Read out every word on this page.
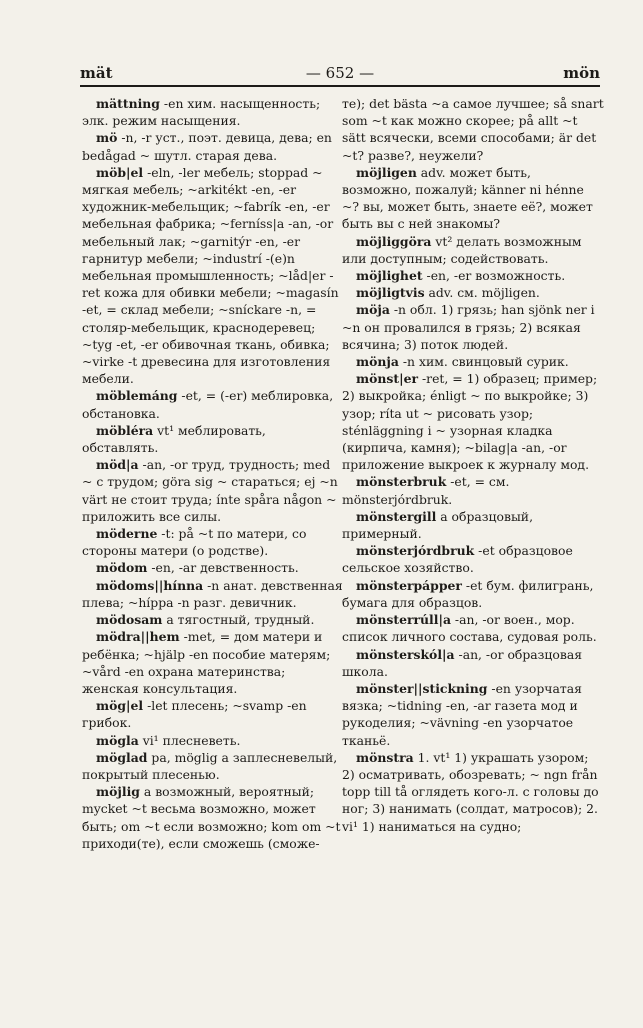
mät	— 652 —	mön
mättning -en хим. насыщенность; элк. режим насыщения.
mö -n, -r уст., поэт. девица, дева; en bedågad ~ шутл. старая дева.
möb|el -eln, -ler мебель; stoppad ~ мягкая мебель; ~arkitékt -en, -er художник-мебельщик; ~fabrík -en, -er мебельная фабрика; ~ferníss|a -an, -or мебельный лак; ~garnitýr -en, -er гарнитур мебели; ~industrí -(e)n мебельная промышленность; ~låd|er -ret кожа для обивки мебели; ~magasín -et, = склад мебели; ~sníckare -n, = столяр-мебельщик, краснодеревец; ~tyg -et, -er обивочная ткань, обивка; ~virke -t древесина для изготовления мебели.
möblemáng -et, = (-er) меблировка, обстановка.
möbléra vt¹ меблировать, обставлять.
möd|a -an, -or труд, трудность; med ~ с трудом; göra sig ~ стараться; ej ~n värt не стоит труда; ínte spåra någon ~ приложить все силы.
möderne -t: på ~t по матери, со стороны матери (о родстве).
mödom -en, -ar девственность.
mödoms||hínna -n анат. девственная плева; ~híppa -n разг. девичник.
mödosam a тягостный, трудный.
mödra||hem -met, = дом матери и ребёнка; ~hjälp -en пособие матерям; ~vård -en охрана материнства; женская консультация.
mög|el -let плесень; ~svamp -en грибок.
mögla vi¹ плесневеть.
möglad pa, möglig a заплесневелый, покрытый плесенью.
möjlig a возможный, вероятный; mycket ~t весьма возможно, может быть; om ~t если возможно; kom om ~t приходи(те), если сможешь (сможе-
те); det bästa ~a самое лучшее; så snart som ~t как можно скорее; på allt ~t sätt всячески, всеми способами; är det ~t? разве?, неужели?
möjligen adv. может быть, возможно, пожалуй; känner ni hénne ~? вы, может быть, знаете её?, может быть вы с ней знакомы?
möjliggöra vt² делать возможным или доступным; содействовать.
möjlighet -en, -er возможность.
möjligtvis adv. см. möjligen.
möja -n обл. 1) грязь; han sjönk ner i ~n он провалился в грязь; 2) всякая всячина; 3) поток людей.
mönja -n хим. свинцовый сурик.
mönst|er -ret, = 1) образец; пример; 2) выкройка; énligt ~ по выкройке; 3) узор; ríta ut ~ рисовать узор; sténläggning i ~ узорная кладка (кирпича, камня); ~bilag|a -an, -or приложение выкроек к журналу мод.
mönsterbruk -et, = см. mönsterjórdbruk.
mönstergill a образцовый, примерный.
mönsterjórdbruk -et образцовое сельское хозяйство.
mönsterpápper -et бум. филигрань, бумага для образцов.
mönsterrúll|a -an, -or воен., мор. список личного состава, судовая роль.
mönsterskól|a -an, -or образцовая школа.
mönster||stickning -en узорчатая вязка; ~tidning -en, -ar газета мод и рукоделия; ~vävning -en узорчатое тканьё.
mönstra 1. vt¹ 1) украшать узором; 2) осматривать, обозревать; ~ ngn från topp till tå оглядеть кого-л. с головы до ног; 3) нанимать (солдат, матросов); 2. vi¹ 1) наниматься на судно;
